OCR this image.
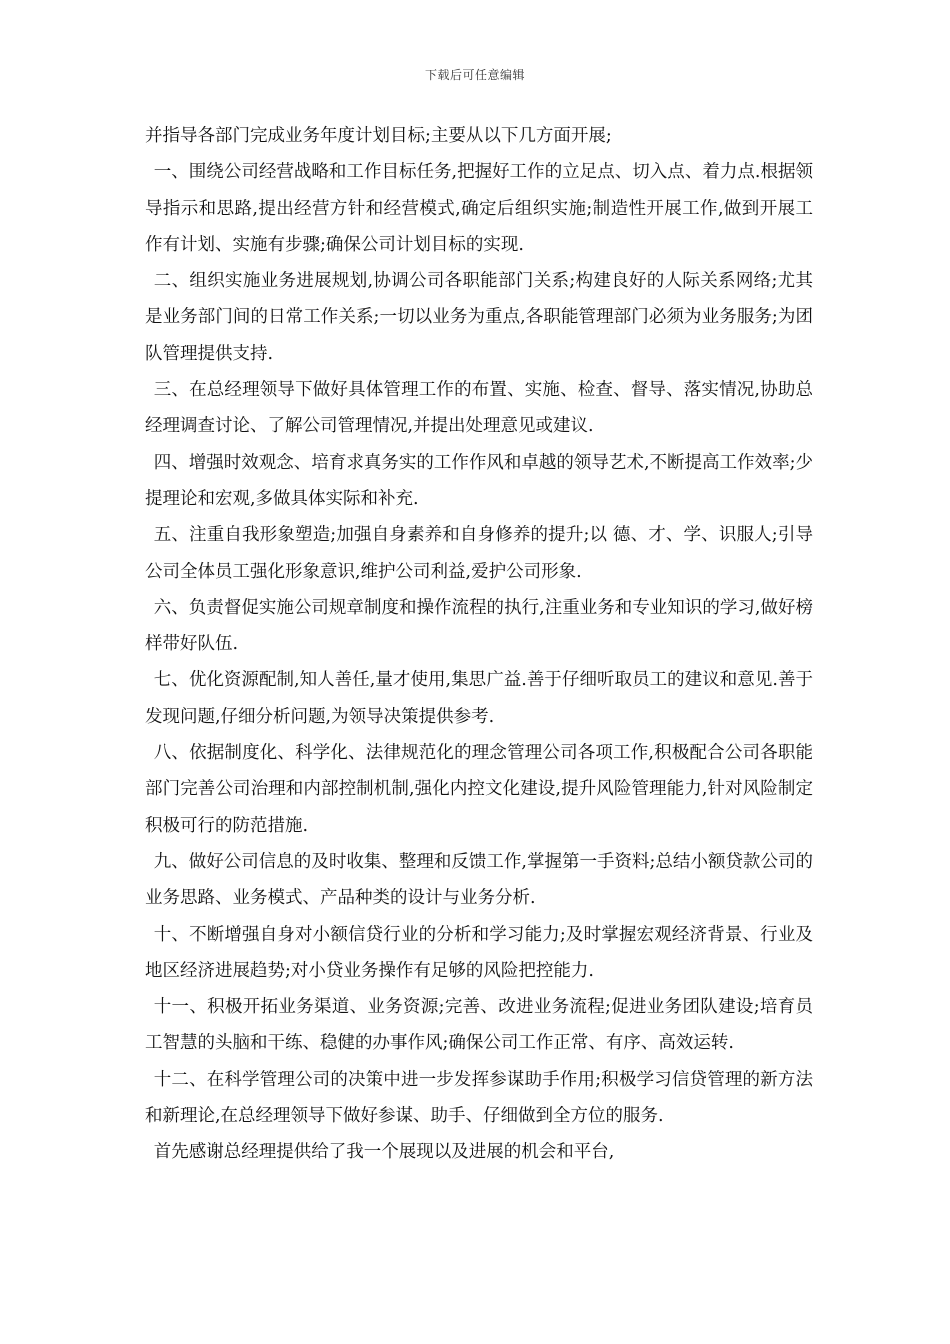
下载后可任意编辑

并指导各部门完成业务年度计划目标;主要从以下几方面开展;

一、围绕公司经营战略和工作目标任务,把握好工作的立足点、切入点、着力点.根据领导指示和思路,提出经营方针和经营模式,确定后组织实施;制造性开展工作,做到开展工作有计划、实施有步骤;确保公司计划目标的实现.

二、组织实施业务进展规划,协调公司各职能部门关系;构建良好的人际关系网络;尤其是业务部门间的日常工作关系;一切以业务为重点,各职能管理部门必须为业务服务;为团队管理提供支持.

三、在总经理领导下做好具体管理工作的布置、实施、检查、督导、落实情况,协助总经理调查讨论、了解公司管理情况,并提出处理意见或建议.

四、增强时效观念、培育求真务实的工作作风和卓越的领导艺术,不断提高工作效率;少提理论和宏观,多做具体实际和补充.

五、注重自我形象塑造;加强自身素养和自身修养的提升;以 德、才、学、识服人;引导公司全体员工强化形象意识,维护公司利益,爱护公司形象.

六、负责督促实施公司规章制度和操作流程的执行,注重业务和专业知识的学习,做好榜样带好队伍.

七、优化资源配制,知人善任,量才使用,集思广益.善于仔细听取员工的建议和意见.善于发现问题,仔细分析问题,为领导决策提供参考.

八、依据制度化、科学化、法律规范化的理念管理公司各项工作,积极配合公司各职能部门完善公司治理和内部控制机制,强化内控文化建设,提升风险管理能力,针对风险制定积极可行的防范措施.

九、做好公司信息的及时收集、整理和反馈工作,掌握第一手资料;总结小额贷款公司的业务思路、业务模式、产品种类的设计与业务分析.

十、不断增强自身对小额信贷行业的分析和学习能力;及时掌握宏观经济背景、行业及地区经济进展趋势;对小贷业务操作有足够的风险把控能力.

十一、积极开拓业务渠道、业务资源;完善、改进业务流程;促进业务团队建设;培育员工智慧的头脑和干练、稳健的办事作风;确保公司工作正常、有序、高效运转.

十二、在科学管理公司的决策中进一步发挥参谋助手作用;积极学习信贷管理的新方法和新理论,在总经理领导下做好参谋、助手、仔细做到全方位的服务.

首先感谢总经理提供给了我一个展现以及进展的机会和平台,
